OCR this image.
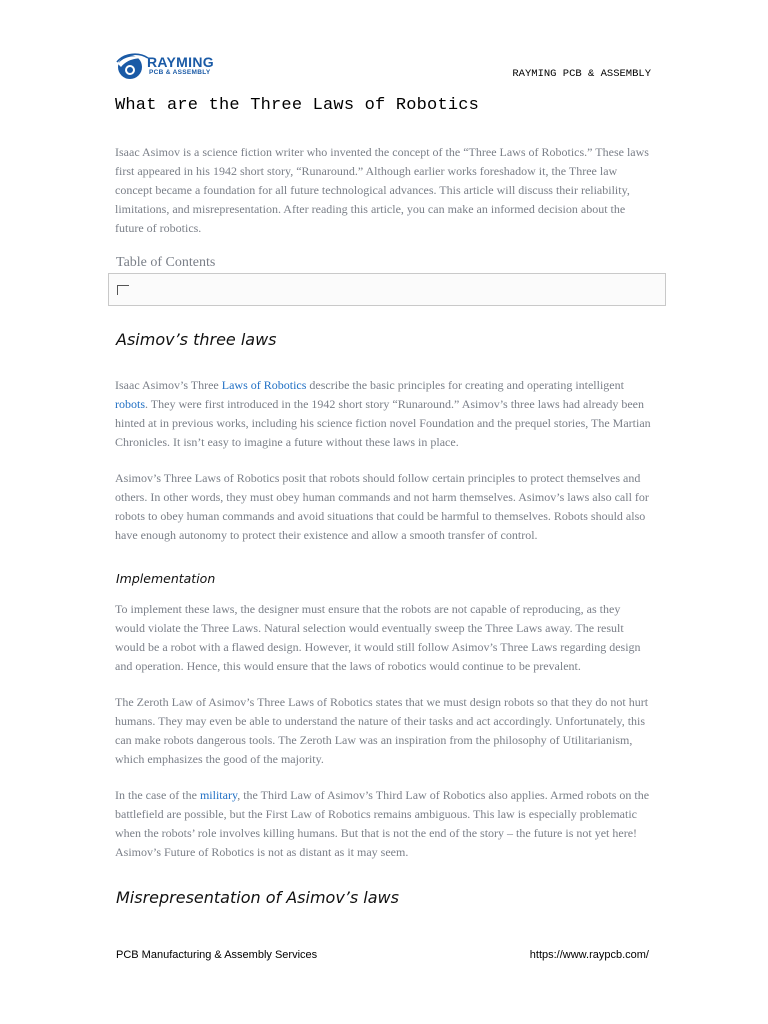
RAYMING
PCB & ASSEMBLY	RAYMING PCB & ASSEMBLY
What are the Three Laws of Robotics

Isaac Asimov is a science fiction writer who invented the concept of the “Three Laws of Robotics.” These laws first appeared in his 1942 short story, “Runaround.” Although earlier works foreshadow it, the Three law concept became a foundation for all future technological advances. This article will discuss their reliability, limitations, and misrepresentation. After reading this article, you can make an informed decision about the future of robotics.

Table of Contents
Asimov’s three laws

Isaac Asimov’s Three Laws of Robotics describe the basic principles for creating and operating intelligent robots. They were first introduced in the 1942 short story “Runaround.” Asimov’s three laws had already been hinted at in previous works, including his science fiction novel Foundation and the prequel stories, The Martian Chronicles. It isn’t easy to imagine a future without these laws in place.

Asimov’s Three Laws of Robotics posit that robots should follow certain principles to protect themselves and others. In other words, they must obey human commands and not harm themselves. Asimov’s laws also call for robots to obey human commands and avoid situations that could be harmful to themselves. Robots should also have enough autonomy to protect their existence and allow a smooth transfer of control.

Implementation

To implement these laws, the designer must ensure that the robots are not capable of reproducing, as they would violate the Three Laws. Natural selection would eventually sweep the Three Laws away. The result would be a robot with a flawed design. However, it would still follow Asimov’s Three Laws regarding design and operation. Hence, this would ensure that the laws of robotics would continue to be prevalent.

The Zeroth Law of Asimov’s Three Laws of Robotics states that we must design robots so that they do not hurt humans. They may even be able to understand the nature of their tasks and act accordingly. Unfortunately, this can make robots dangerous tools. The Zeroth Law was an inspiration from the philosophy of Utilitarianism, which emphasizes the good of the majority.

In the case of the military, the Third Law of Asimov’s Third Law of Robotics also applies. Armed robots on the battlefield are possible, but the First Law of Robotics remains ambiguous. This law is especially problematic when the robots’ role involves killing humans. But that is not the end of the story – the future is not yet here! Asimov’s Future of Robotics is not as distant as it may seem.

Misrepresentation of Asimov’s laws
PCB Manufacturing & Assembly Services	https://www.raypcb.com/
